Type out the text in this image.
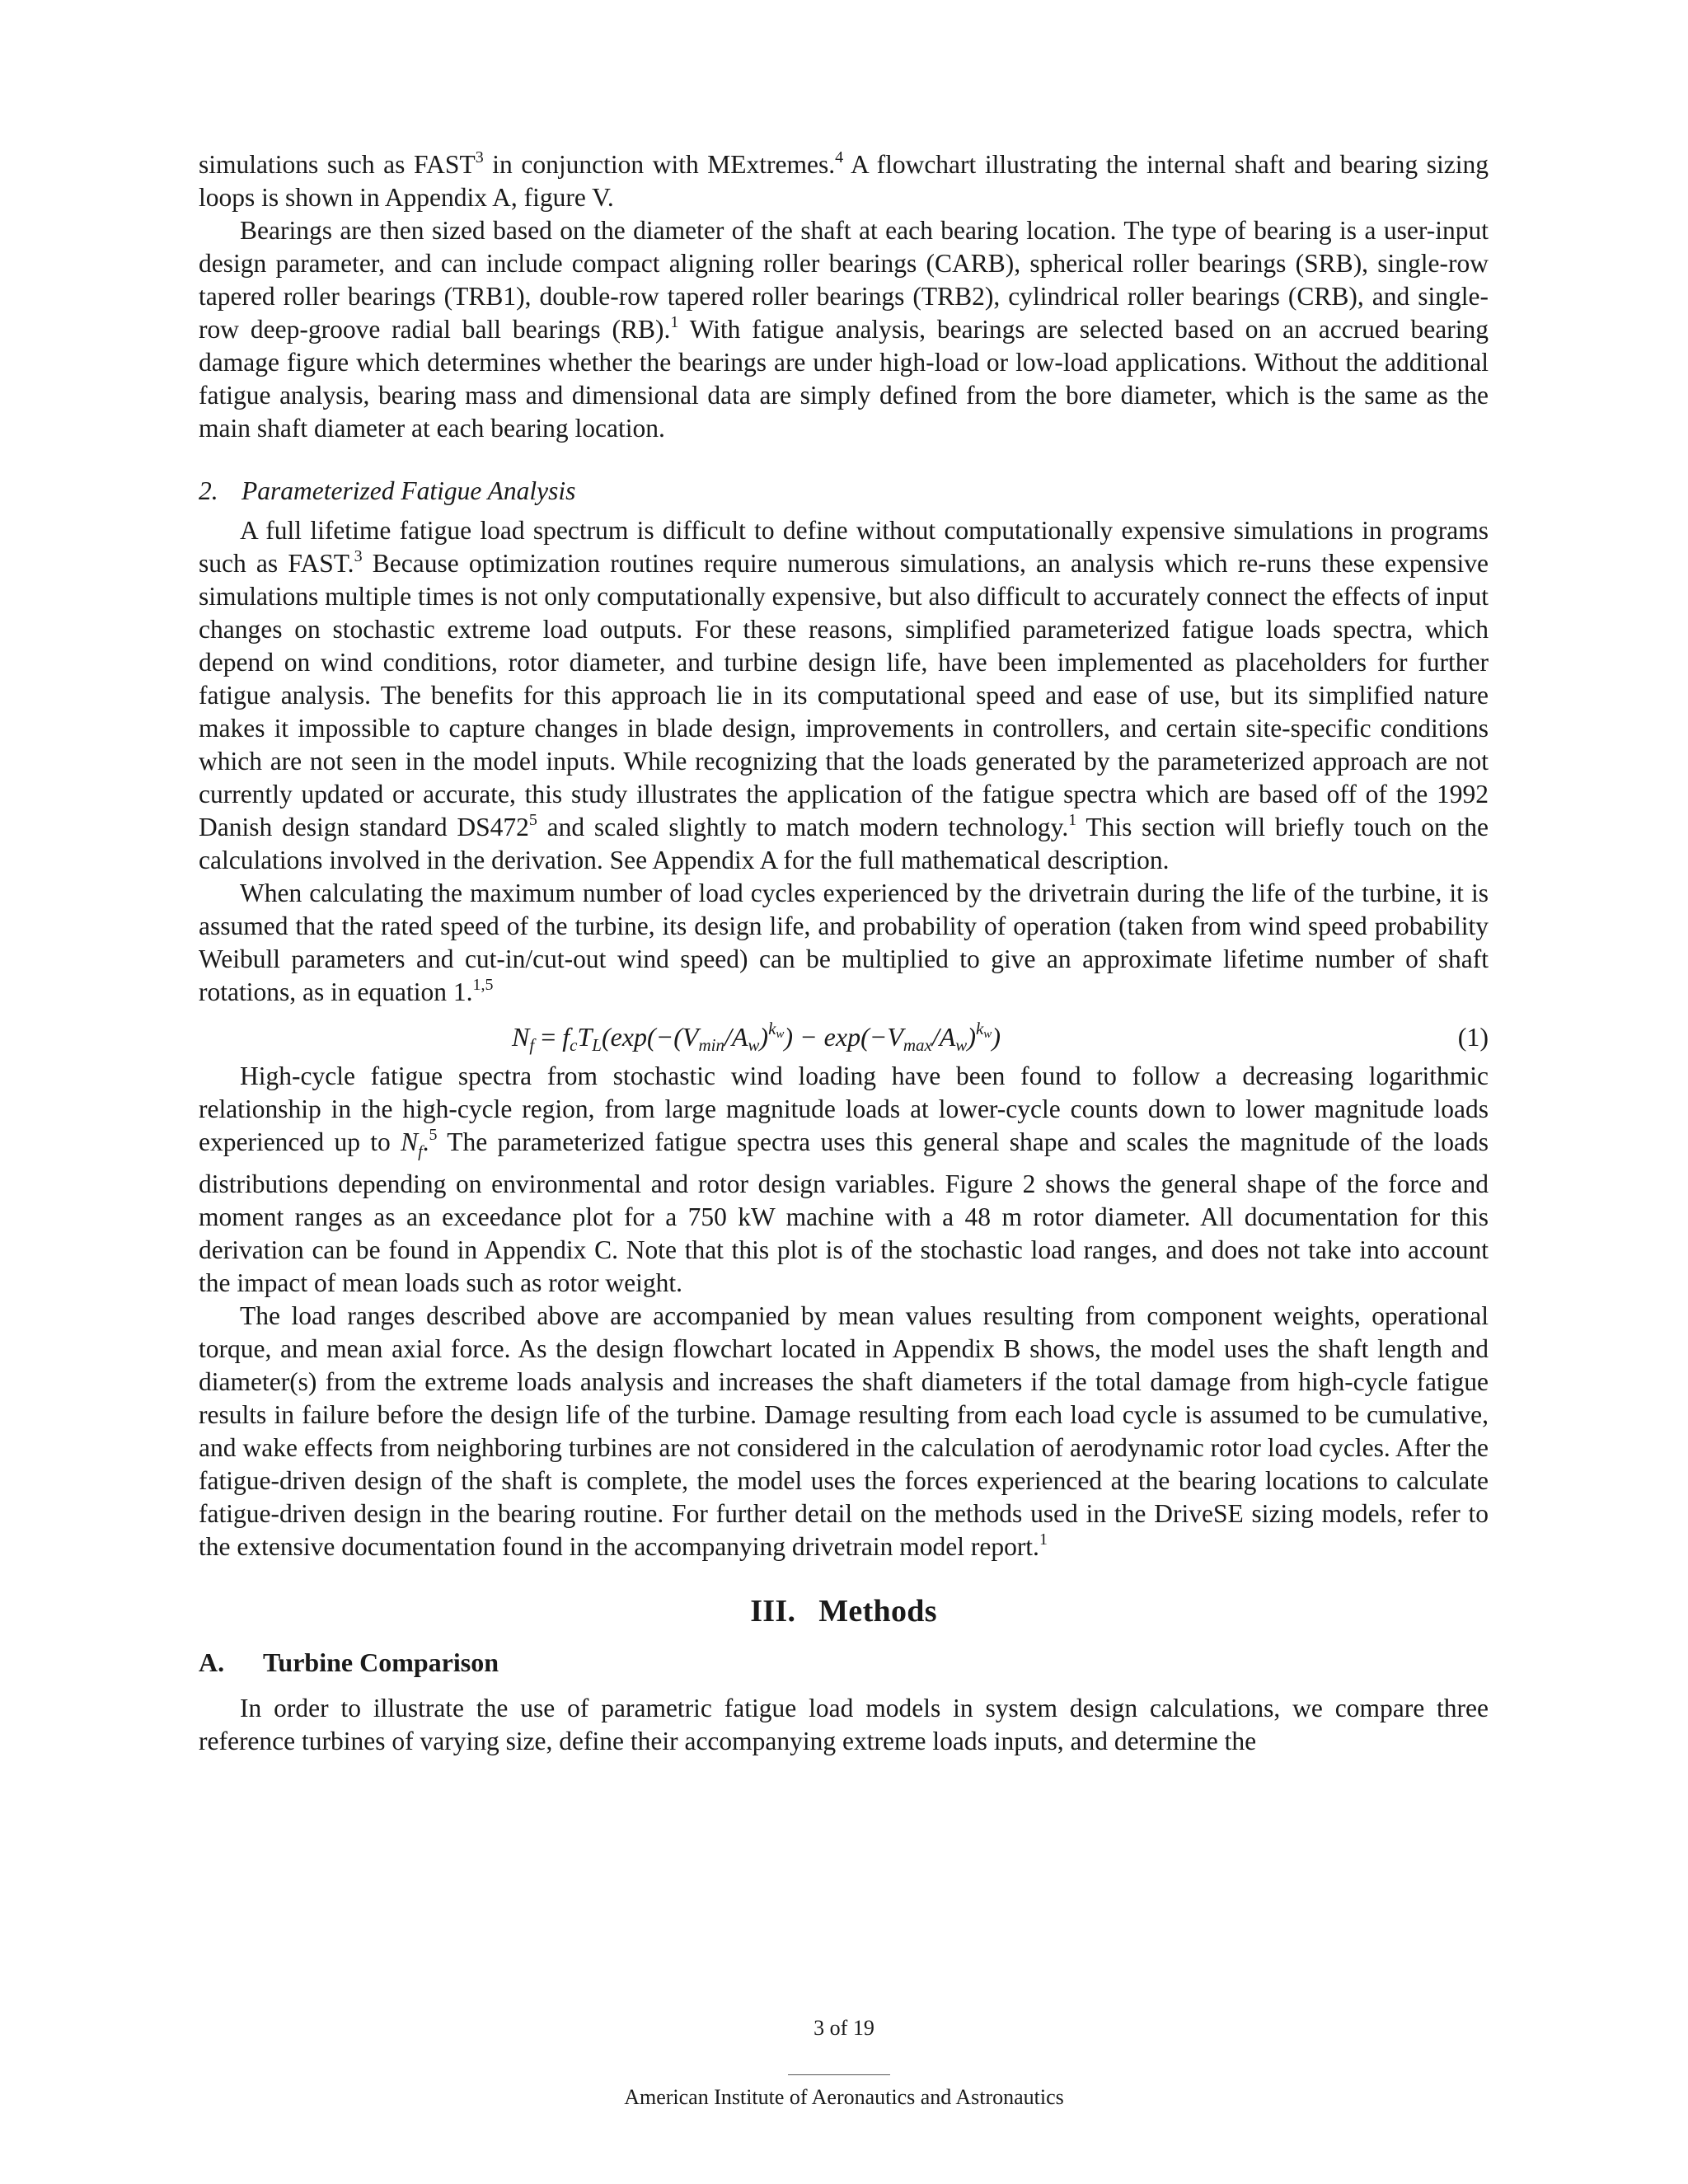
simulations such as FAST$^3$ in conjunction with MExtremes.$^4$ A flowchart illustrating the internal shaft and bearing sizing loops is shown in Appendix A, figure V.

Bearings are then sized based on the diameter of the shaft at each bearing location. The type of bearing is a user-input design parameter, and can include compact aligning roller bearings (CARB), spherical roller bearings (SRB), single-row tapered roller bearings (TRB1), double-row tapered roller bearings (TRB2), cylindrical roller bearings (CRB), and single-row deep-groove radial ball bearings (RB).$^1$ With fatigue analysis, bearings are selected based on an accrued bearing damage figure which determines whether the bearings are under high-load or low-load applications. Without the additional fatigue analysis, bearing mass and dimensional data are simply defined from the bore diameter, which is the same as the main shaft diameter at each bearing location.

2. Parameterized Fatigue Analysis

A full lifetime fatigue load spectrum is difficult to define without computationally expensive simulations in programs such as FAST.$^3$ Because optimization routines require numerous simulations, an analysis which re-runs these expensive simulations multiple times is not only computationally expensive, but also difficult to accurately connect the effects of input changes on stochastic extreme load outputs. For these reasons, simplified parameterized fatigue loads spectra, which depend on wind conditions, rotor diameter, and turbine design life, have been implemented as placeholders for further fatigue analysis. The benefits for this approach lie in its computational speed and ease of use, but its simplified nature makes it impossible to capture changes in blade design, improvements in controllers, and certain site-specific conditions which are not seen in the model inputs. While recognizing that the loads generated by the parameterized approach are not currently updated or accurate, this study illustrates the application of the fatigue spectra which are based off of the 1992 Danish design standard $DS472^5$ and scaled slightly to match modern technology.$^1$ This section will briefly touch on the calculations involved in the derivation. See Appendix A for the full mathematical description.

When calculating the maximum number of load cycles experienced by the drivetrain during the life of the turbine, it is assumed that the rated speed of the turbine, its design life, and probability of operation (taken from wind speed probability Weibull parameters and cut-in/cut-out wind speed) can be multiplied to give an approximate lifetime number of shaft rotations, as in equation 1.$^{1,5}$

$N_f = f_cT_L(\exp(-(V_{min}/A_w)^{k_w}) - \exp(-V_{max}/A_w)^{k_w})$	(1)

High-cycle fatigue spectra from stochastic wind loading have been found to follow a decreasing logarithmic relationship in the high-cycle region, from large magnitude loads at lower-cycle counts down to lower magnitude loads experienced up to $N_f.^5$ The parameterized fatigue spectra uses this general shape and scales the magnitude of the loads distributions depending on environmental and rotor design variables. Figure 2 shows the general shape of the force and moment ranges as an exceedance plot for a 750 kW machine with a 48 m rotor diameter. All documentation for this derivation can be found in Appendix C. Note that this plot is of the stochastic load ranges, and does not take into account the impact of mean loads such as rotor weight.

The load ranges described above are accompanied by mean values resulting from component weights, operational torque, and mean axial force. As the design flowchart located in Appendix B shows, the model uses the shaft length and diameter(s) from the extreme loads analysis and increases the shaft diameters if the total damage from high-cycle fatigue results in failure before the design life of the turbine. Damage resulting from each load cycle is assumed to be cumulative, and wake effects from neighboring turbines are not considered in the calculation of aerodynamic rotor load cycles. After the fatigue-driven design of the shaft is complete, the model uses the forces experienced at the bearing locations to calculate fatigue-driven design in the bearing routine. For further detail on the methods used in the DriveSE sizing models, refer to the extensive documentation found in the accompanying drivetrain model report.$^1$

III. Methods
A. Turbine Comparison

In order to illustrate the use of parametric fatigue load models in system design calculations, we compare three reference turbines of varying size, define their accompanying extreme loads inputs, and determine the

3 of 19
American Institute of Aeronautics and Astronautics
